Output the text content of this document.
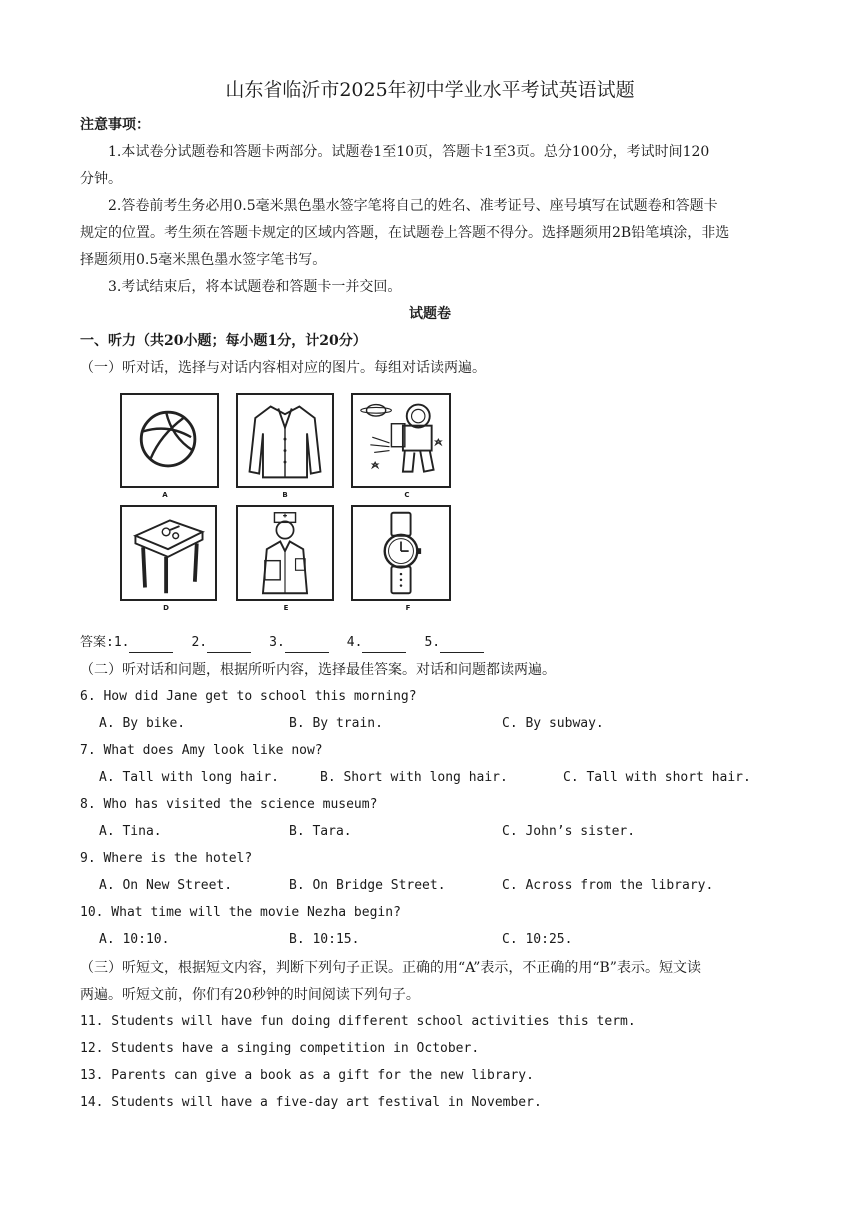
山东省临沂市2025年初中学业水平考试英语试题
注意事项：
1.本试卷分试题卷和答题卡两部分。试题卷1至10页，答题卡1至3页。总分100分，考试时间120
分钟。
2.答卷前考生务必用0.5毫米黑色墨水签字笔将自己的姓名、准考证号、座号填写在试题卷和答题卡
规定的位置。考生须在答题卡规定的区域内答题，在试题卷上答题不得分。选择题须用2B铅笔填涂，非选
择题须用0.5毫米黑色墨水签字笔书写。
3.考试结束后，将本试题卷和答题卡一并交回。
试题卷
一、听力（共20小题；每小题1分，计20分）
（一）听对话，选择与对话内容相对应的图片。每组对话读两遍。
A	B	C
D	E	F
答案:1.	2.	3.	4.	5.
（二）听对话和问题，根据所听内容，选择最佳答案。对话和问题都读两遍。
6. How did Jane get to school this morning?
A. By bike.	B. By train.	C. By subway.
7. What does Amy look like now?
A. Tall with long hair.	B. Short with long hair.	C. Tall with short hair.
8. Who has visited the science museum?
A. Tina.	B. Tara.	C. John’s sister.
9. Where is the hotel?
A. On New Street.	B. On Bridge Street.	C. Across from the library.
10. What time will the movie Nezha begin?
A. 10:10.	B. 10:15.	C. 10:25.
（三）听短文，根据短文内容，判断下列句子正误。正确的用“A”表示，不正确的用“B”表示。短文读
两遍。听短文前，你们有20秒钟的时间阅读下列句子。
11. Students will have fun doing different school activities this term.
12. Students have a singing competition in October.
13. Parents can give a book as a gift for the new library.
14. Students will have a five-day art festival in November.
